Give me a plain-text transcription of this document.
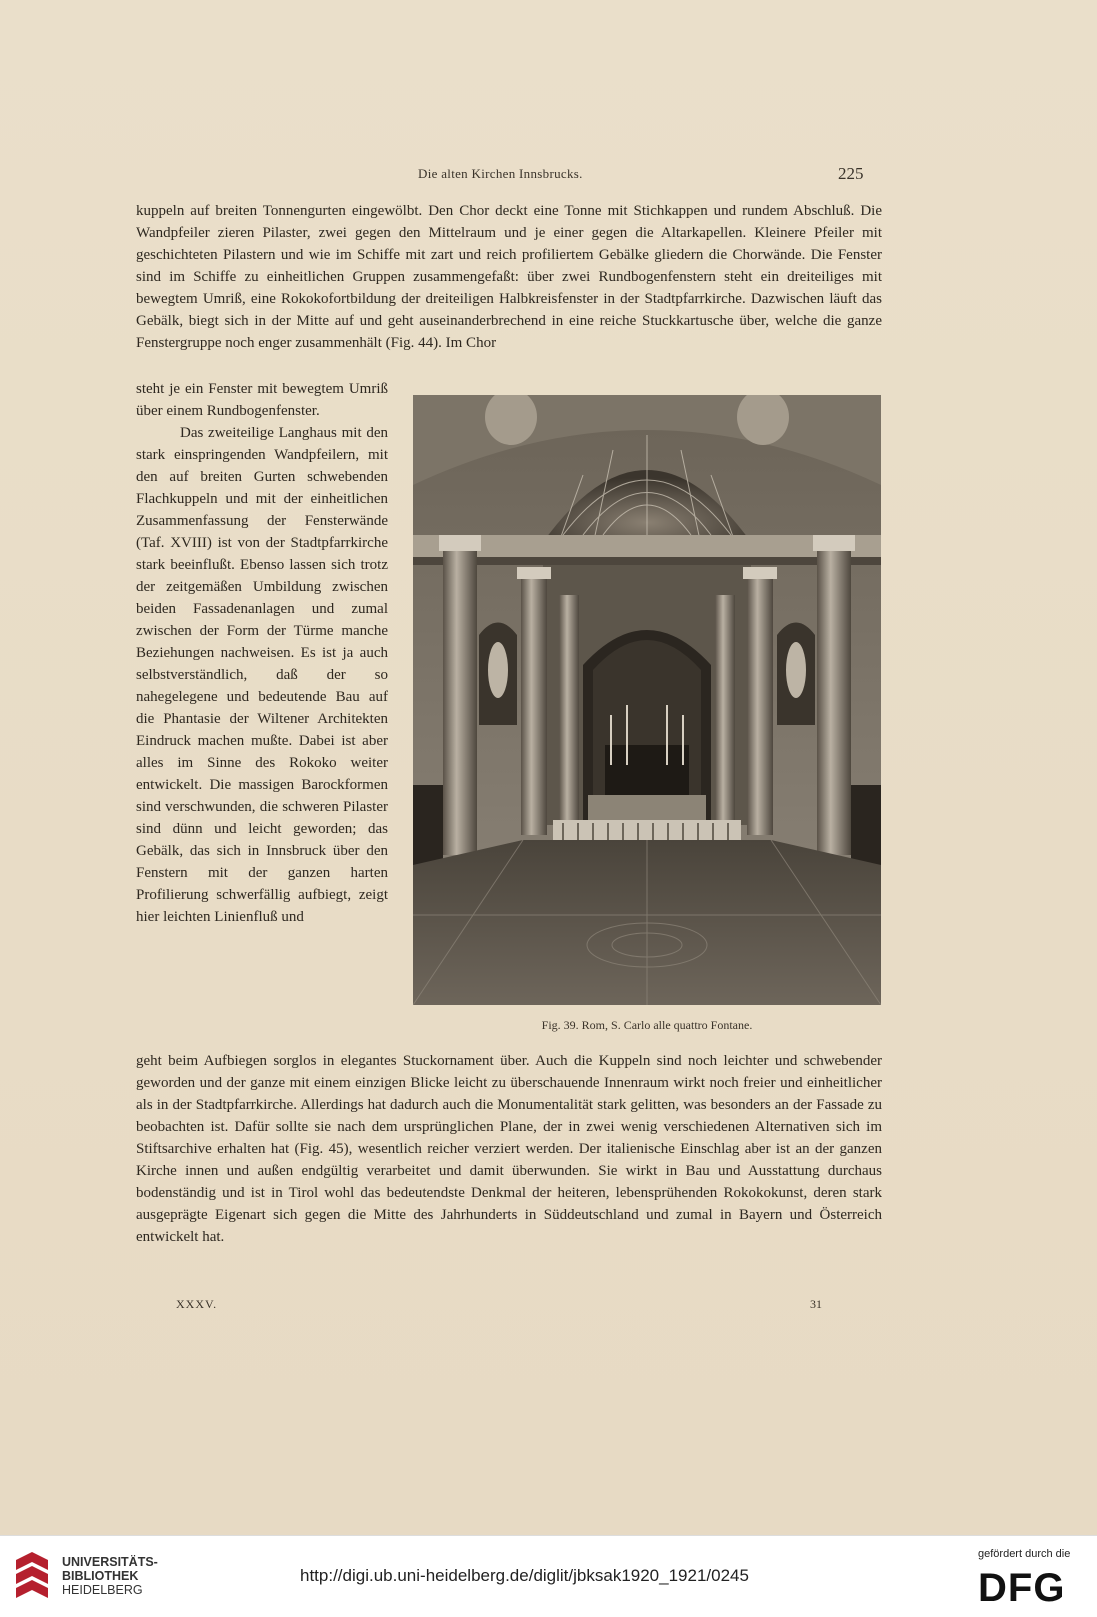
Die alten Kirchen Innsbrucks.	225

kuppeln auf breiten Tonnengurten eingewölbt. Den Chor deckt eine Tonne mit Stichkappen und rundem Abschluß. Die Wandpfeiler zieren Pilaster, zwei gegen den Mittelraum und je einer gegen die Altarkapellen. Kleinere Pfeiler mit geschichteten Pilastern und wie im Schiffe mit zart und reich profiliertem Gebälke gliedern die Chorwände. Die Fenster sind im Schiffe zu einheitlichen Gruppen zusammengefaßt: über zwei Rundbogenfenstern steht ein dreiteiliges mit bewegtem Umriß, eine Rokokofortbildung der dreiteiligen Halbkreisfenster in der Stadtpfarrkirche. Dazwischen läuft das Gebälk, biegt sich in der Mitte auf und geht auseinanderbrechend in eine reiche Stuckkartusche über, welche die ganze Fenstergruppe noch enger zusammenhält (Fig. 44). Im Chor

steht je ein Fenster mit bewegtem Umriß über einem Rundbogenfenster.

Das zweiteilige Langhaus mit den stark einspringenden Wandpfeilern, mit den auf breiten Gurten schwebenden Flachkuppeln und mit der einheitlichen Zusammenfassung der Fensterwände (Taf. XVIII) ist von der Stadtpfarrkirche stark beeinflußt. Ebenso lassen sich trotz der zeitgemäßen Umbildung zwischen beiden Fassadenanlagen und zumal zwischen der Form der Türme manche Beziehungen nachweisen. Es ist ja auch selbstverständlich, daß der so nahegelegene und bedeutende Bau auf die Phantasie der Wiltener Architekten Eindruck machen mußte. Dabei ist aber alles im Sinne des Rokoko weiter entwickelt. Die massigen Barockformen sind verschwunden, die schweren Pilaster sind dünn und leicht geworden; das Gebälk, das sich in Innsbruck über den Fenstern mit der ganzen harten Profilierung schwerfällig aufbiegt, zeigt hier leichten Linienfluß und

Fig. 39. Rom, S. Carlo alle quattro Fontane.

geht beim Aufbiegen sorglos in elegantes Stuckornament über. Auch die Kuppeln sind noch leichter und schwebender geworden und der ganze mit einem einzigen Blicke leicht zu überschauende Innenraum wirkt noch freier und einheitlicher als in der Stadtpfarrkirche. Allerdings hat dadurch auch die Monumentalität stark gelitten, was besonders an der Fassade zu beobachten ist. Dafür sollte sie nach dem ursprünglichen Plane, der in zwei wenig verschiedenen Alternativen sich im Stiftsarchive erhalten hat (Fig. 45), wesentlich reicher verziert werden. Der italienische Einschlag aber ist an der ganzen Kirche innen und außen endgültig verarbeitet und damit überwunden. Sie wirkt in Bau und Ausstattung durchaus bodenständig und ist in Tirol wohl das bedeutendste Denkmal der heiteren, lebensprühenden Rokokokunst, deren stark ausgeprägte Eigenart sich gegen die Mitte des Jahrhunderts in Süddeutschland und zumal in Bayern und Österreich entwickelt hat.

XXXV.	31
UNIVERSITÄTS-
BIBLIOTHEK
HEIDELBERG
http://digi.ub.uni-heidelberg.de/diglit/jbksak1920_1921/0245
gefördert durch die
DFG
